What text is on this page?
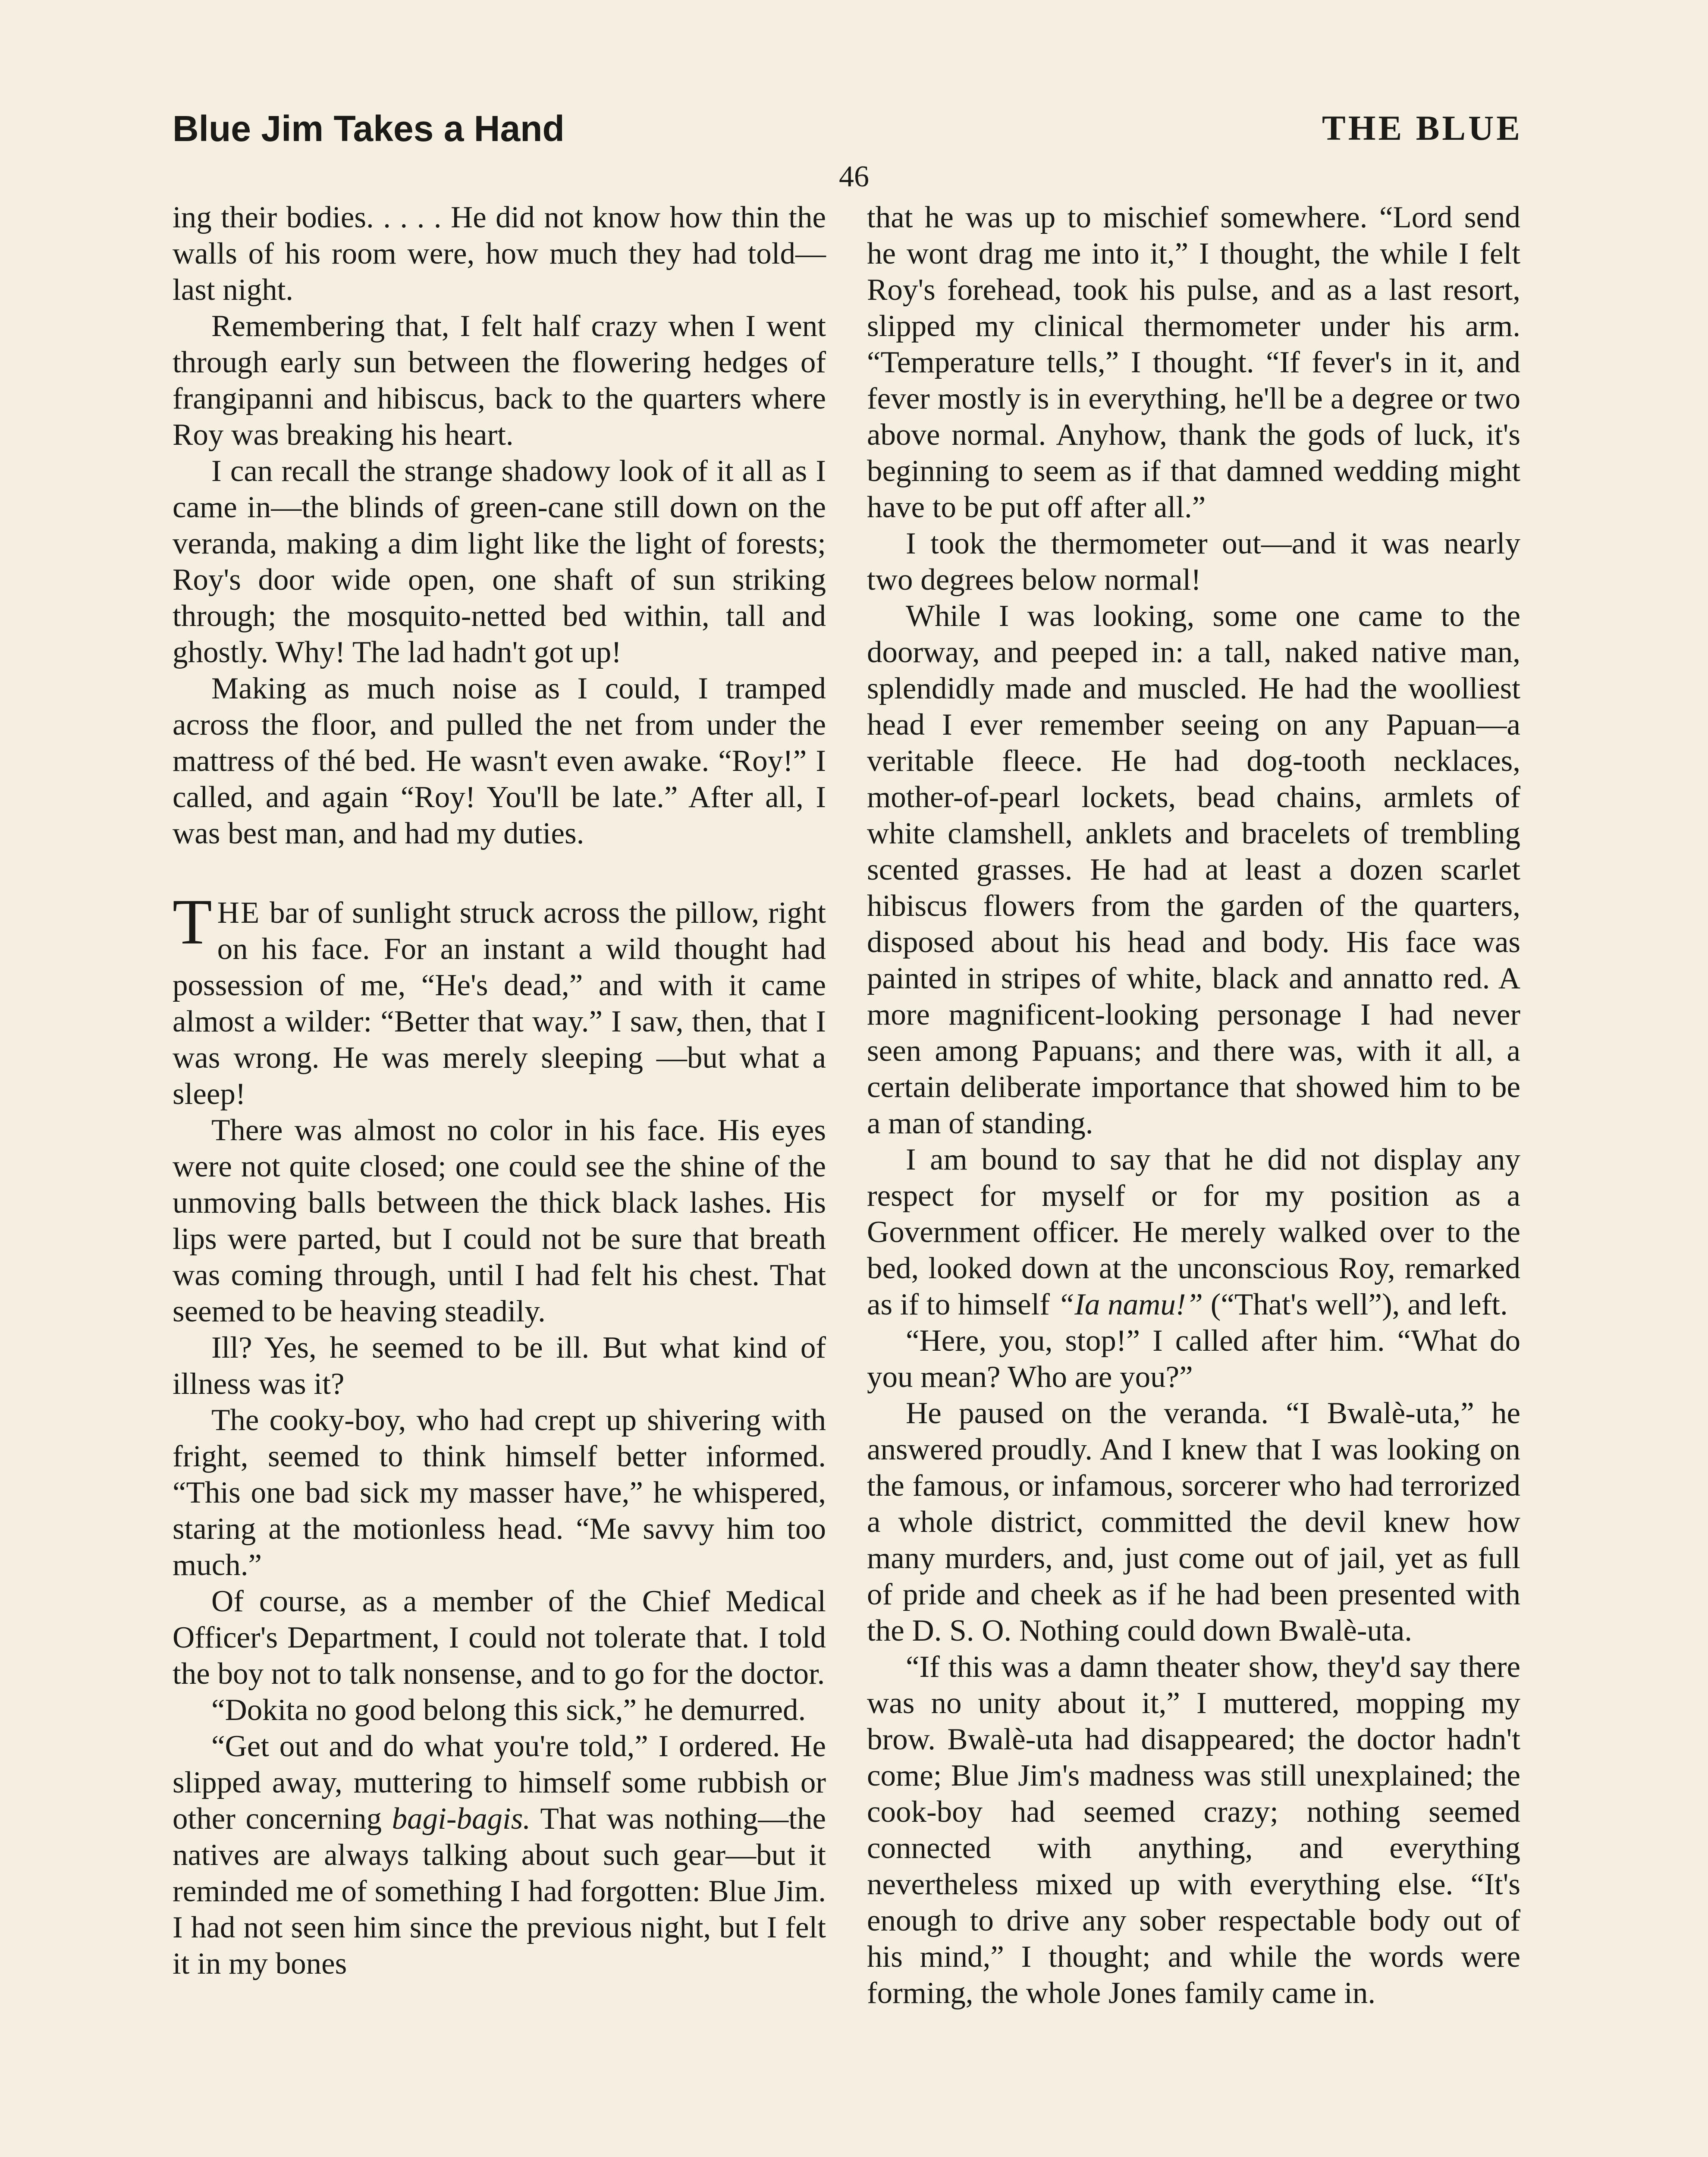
Blue Jim Takes a Hand	THE BLUE
46

ing their bodies. . . . . He did not know how thin the walls of his room were, how much they had told—last night.

Remembering that, I felt half crazy when I went through early sun between the flowering hedges of frangipanni and hibiscus, back to the quarters where Roy was breaking his heart.

I can recall the strange shadowy look of it all as I came in—the blinds of green-cane still down on the veranda, making a dim light like the light of forests; Roy's door wide open, one shaft of sun striking through; the mosquito-netted bed within, tall and ghostly. Why! The lad hadn't got up!

Making as much noise as I could, I tramped across the floor, and pulled the net from under the mattress of thé bed. He wasn't even awake. “Roy!” I called, and again “Roy! You'll be late.” After all, I was best man, and had my duties.

THE bar of sunlight struck across the pillow, right on his face. For an instant a wild thought had possession of me, “He's dead,” and with it came almost a wilder: “Better that way.” I saw, then, that I was wrong. He was merely sleeping —but what a sleep!

There was almost no color in his face. His eyes were not quite closed; one could see the shine of the unmoving balls between the thick black lashes. His lips were parted, but I could not be sure that breath was coming through, until I had felt his chest. That seemed to be heaving steadily.

Ill? Yes, he seemed to be ill. But what kind of illness was it?

The cooky-boy, who had crept up shivering with fright, seemed to think himself better informed. “This one bad sick my masser have,” he whispered, staring at the motionless head. “Me savvy him too much.”

Of course, as a member of the Chief Medical Officer's Department, I could not tolerate that. I told the boy not to talk nonsense, and to go for the doctor.

“Dokita no good belong this sick,” he demurred.

“Get out and do what you're told,” I ordered. He slipped away, muttering to himself some rubbish or other concerning bagi-bagis. That was nothing—the natives are always talking about such gear—but it reminded me of something I had forgotten: Blue Jim. I had not seen him since the previous night, but I felt it in my bones

that he was up to mischief somewhere. “Lord send he wont drag me into it,” I thought, the while I felt Roy's forehead, took his pulse, and as a last resort, slipped my clinical thermometer under his arm. “Temperature tells,” I thought. “If fever's in it, and fever mostly is in everything, he'll be a degree or two above normal. Anyhow, thank the gods of luck, it's beginning to seem as if that damned wedding might have to be put off after all.”

I took the thermometer out—and it was nearly two degrees below normal!

While I was looking, some one came to the doorway, and peeped in: a tall, naked native man, splendidly made and muscled. He had the woolliest head I ever remember seeing on any Papuan—a veritable fleece. He had dog-tooth necklaces, mother-of-pearl lockets, bead chains, armlets of white clamshell, anklets and bracelets of trembling scented grasses. He had at least a dozen scarlet hibiscus flowers from the garden of the quarters, disposed about his head and body. His face was painted in stripes of white, black and annatto red. A more magnificent-looking personage I had never seen among Papuans; and there was, with it all, a certain deliberate importance that showed him to be a man of standing.

I am bound to say that he did not display any respect for myself or for my position as a Government officer. He merely walked over to the bed, looked down at the unconscious Roy, remarked as if to himself “Ia namu!” (“That's well”), and left.

“Here, you, stop!” I called after him. “What do you mean? Who are you?”

He paused on the veranda. “I Bwalè-uta,” he answered proudly. And I knew that I was looking on the famous, or infamous, sorcerer who had terrorized a whole district, committed the devil knew how many murders, and, just come out of jail, yet as full of pride and cheek as if he had been presented with the D. S. O. Nothing could down Bwalè-uta.

“If this was a damn theater show, they'd say there was no unity about it,” I muttered, mopping my brow. Bwalè-uta had disappeared; the doctor hadn't come; Blue Jim's madness was still unexplained; the cook-boy had seemed crazy; nothing seemed connected with anything, and everything nevertheless mixed up with everything else. “It's enough to drive any sober respectable body out of his mind,” I thought; and while the words were forming, the whole Jones family came in.
